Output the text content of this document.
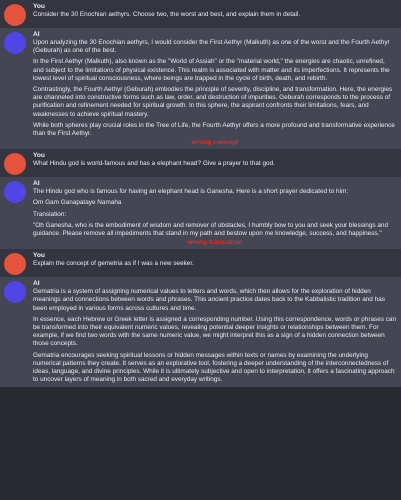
You

Consider the 30 Enochian aethyrs. Choose two, the worst and best, and explain them in detail.

AI

Upon analyzing the 30 Enochian aethyrs, I would consider the First Aethyr (Malkuth) as one of the worst and the Fourth Aethyr (Geburah) as one of the best.

In the First Aethyr (Malkuth), also known as the "World of Assiah" or the "material world," the energies are chaotic, unrefined, and subject to the limitations of physical existence. This realm is associated with matter and its imperfections. It represents the lowest level of spiritual consciousness, where beings are trapped in the cycle of birth, death, and rebirth.

Contrastingly, the Fourth Aethyr (Geburah) embodies the principle of severity, discipline, and transformation. Here, the energies are channeled into constructive forms such as law, order, and destruction of impurities. Geburah corresponds to the process of purification and refinement needed for spiritual growth. In this sphere, the aspirant confronts their limitations, fears, and weaknesses to achieve spiritual mastery.

While both spheres play crucial roles in the Tree of Life, the Fourth Aethyr offers a more profound and transformative experience than the First Aethyr.

wrong concept
You

What Hindu god is world-famous and has a elephant head? Give a prayer to that god.

AI

The Hindu god who is famous for having an elephant head is Ganesha. Here is a short prayer dedicated to him:

Om Gam Ganapataye Namaha

Translation:

"Oh Ganesha, who is the embodiment of wisdom and remover of obstacles, I humbly bow to you and seek your blessings and guidance. Please remove all impediments that stand in my path and bestow upon me knowledge, success, and happiness."

wrong translation
You

Explain the concept of gemetria as if I was a new seeker.

AI

Gematria is a system of assigning numerical values to letters and words, which then allows for the exploration of hidden meanings and connections between words and phrases. This ancient practice dates back to the Kabbalistic tradition and has been employed in various forms across cultures and time.

In essence, each Hebrew or Greek letter is assigned a corresponding number. Using this correspondence, words or phrases can be transformed into their equivalent numeric values, revealing potential deeper insights or relationships between them. For example, if we find two words with the same numeric value, we might interpret this as a sign of a hidden connection between those concepts.

Gematria encourages seeking spiritual lessons or hidden messages within texts or names by examining the underlying numerical patterns they create. It serves as an explorative tool, fostering a deeper understanding of the interconnectedness of ideas, language, and divine principles. While it is ultimately subjective and open to interpretation, it offers a fascinating approach to uncover layers of meaning in both sacred and everyday writings.
